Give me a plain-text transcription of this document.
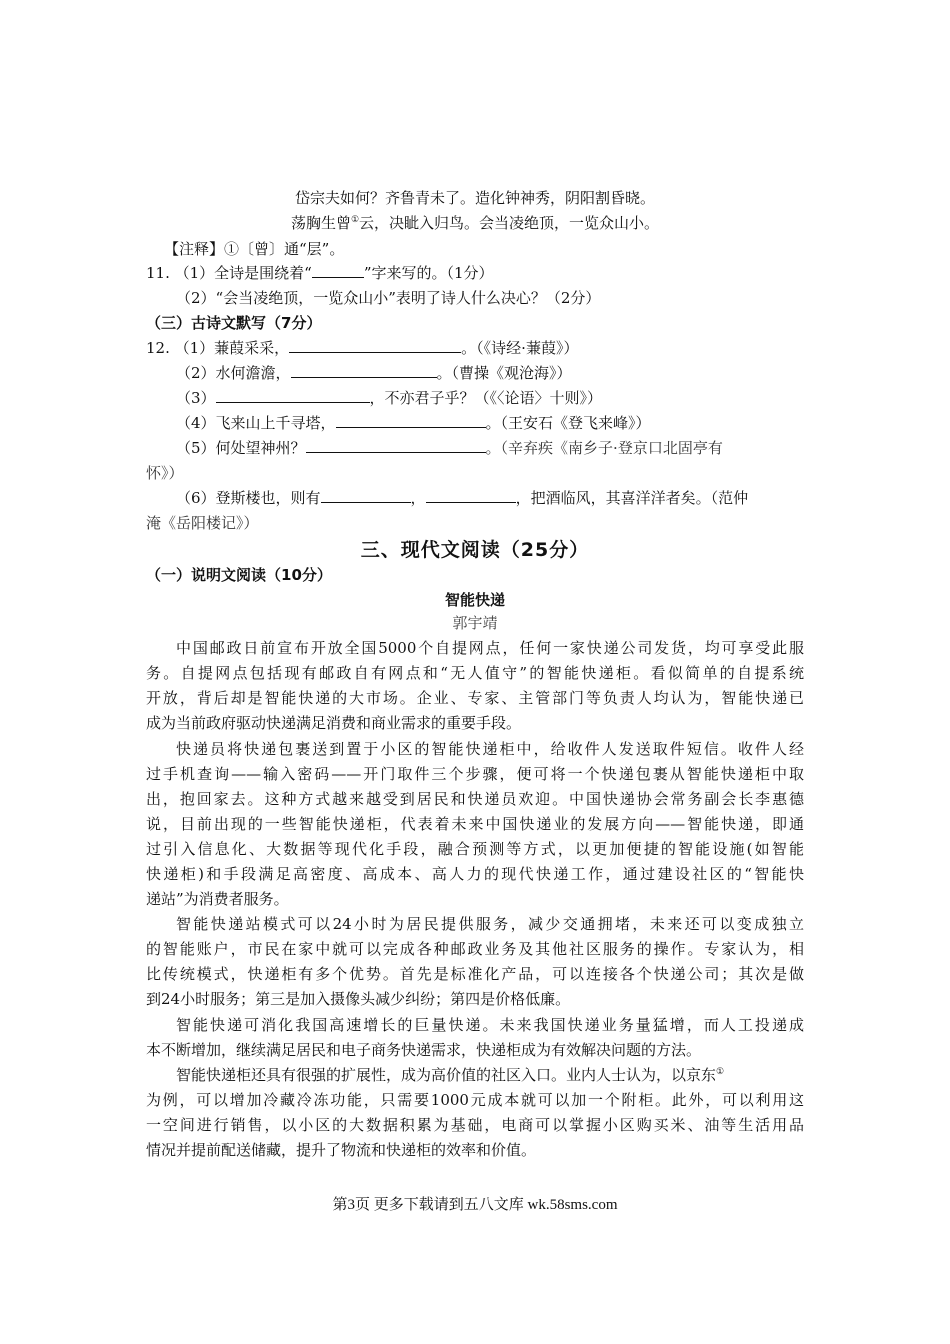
岱宗夫如何？齐鲁青未了。造化钟神秀，阴阳割昏晓。
荡胸生曾①云，决眦入归鸟。会当凌绝顶，一览众山小。
【注释】①〔曾〕通“层”。
11. （1）全诗是围绕着“	”字来写的。（1分）
（2）“会当凌绝顶，一览众山小”表明了诗人什么决心？（2分）
（三）古诗文默写（7分）
12. （1）蒹葭采采，	。（《诗经·蒹葭》）
（2）水何澹澹，	。（曹操《观沧海》）
（3）	，不亦君子乎？（《〈论语〉十则》）
（4）飞来山上千寻塔，	。（王安石《登飞来峰》）
（5）何处望神州？	。（辛弃疾《南乡子·登京口北固亭有
怀》）
（6）登斯楼也，则有	，	，把酒临风，其喜洋洋者矣。（范仲
淹《岳阳楼记》）
三、现代文阅读（25分）
（一）说明文阅读（10分）
智能快递
郭宇靖
中国邮政日前宣布开放全国5000个自提网点，任何一家快递公司发货，均可享受此服
务。自提网点包括现有邮政自有网点和“无人值守”的智能快递柜。看似简单的自提系统
开放，背后却是智能快递的大市场。企业、专家、主管部门等负责人均认为，智能快递已
成为当前政府驱动快递满足消费和商业需求的重要手段。
快递员将快递包裹送到置于小区的智能快递柜中，给收件人发送取件短信。收件人经
过手机查询——输入密码——开门取件三个步骤，便可将一个快递包裹从智能快递柜中取
出，抱回家去。这种方式越来越受到居民和快递员欢迎。中国快递协会常务副会长李惠德
说，目前出现的一些智能快递柜，代表着未来中国快递业的发展方向——智能快递，即通
过引入信息化、大数据等现代化手段，融合预测等方式，以更加便捷的智能设施(如智能
快递柜)和手段满足高密度、高成本、高人力的现代快递工作，通过建设社区的“智能快
递站”为消费者服务。
智能快递站模式可以24小时为居民提供服务，减少交通拥堵，未来还可以变成独立
的智能账户，市民在家中就可以完成各种邮政业务及其他社区服务的操作。专家认为，相
比传统模式，快递柜有多个优势。首先是标准化产品，可以连接各个快递公司；其次是做
到24小时服务；第三是加入摄像头减少纠纷；第四是价格低廉。
智能快递可消化我国高速增长的巨量快递。未来我国快递业务量猛增，而人工投递成
本不断增加，继续满足居民和电子商务快递需求，快递柜成为有效解决问题的方法。
智能快递柜还具有很强的扩展性，成为高价值的社区入口。业内人士认为，以京东①
为例，可以增加冷藏冷冻功能，只需要1000元成本就可以加一个附柜。此外，可以利用这
一空间进行销售，以小区的大数据积累为基础，电商可以掌握小区购买米、油等生活用品
情况并提前配送储藏，提升了物流和快递柜的效率和价值。
第3页 更多下载请到五八文库 wk.58sms.com
